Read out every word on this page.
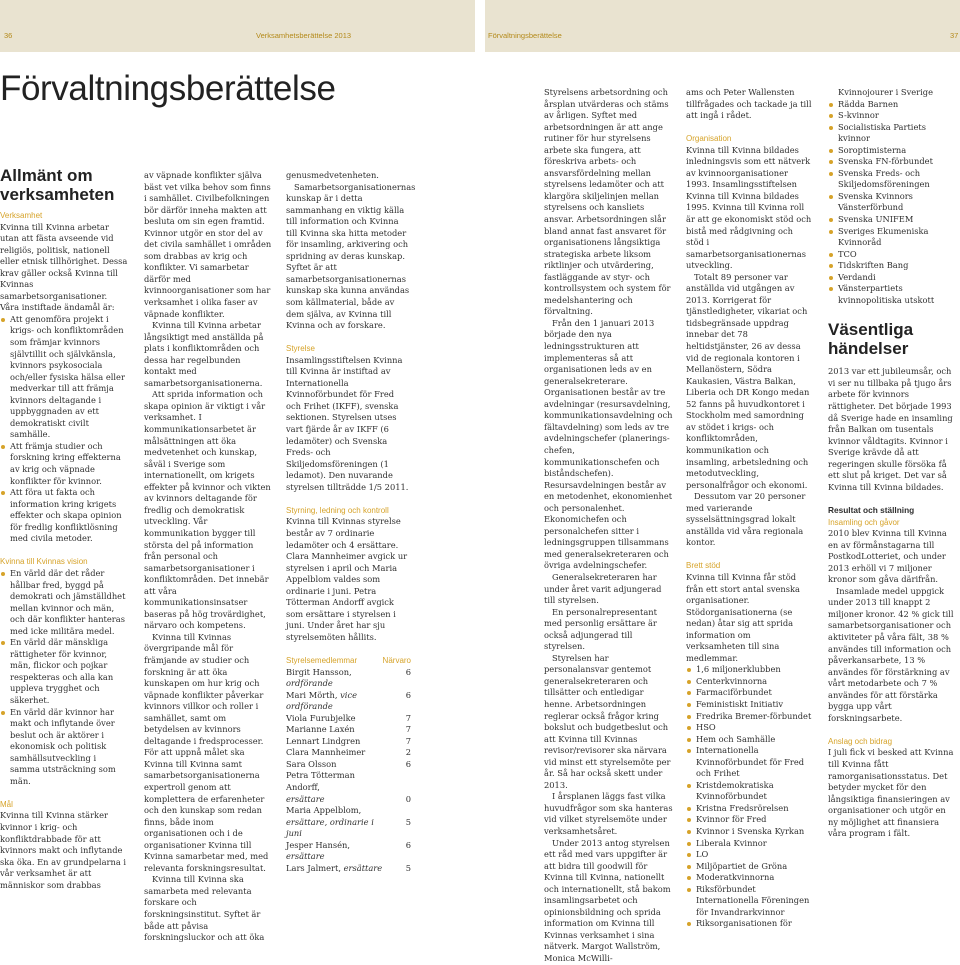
36	Verksamhetsberättelse 2013	Förvaltningsberättelse	37
Förvaltningsberättelse
Allmänt om verksamheten

Verksamhet

Kvinna till Kvinna arbetar utan att fästa avseende vid religiös, politisk, nationell eller etnisk tillhörighet. Dessa krav gäller också Kvinna till Kvinnas samarbetsorganisationer.

Våra instiftade ändamål är:

Att genomföra projekt i krigs- och konfliktområden som främjar kvinnors självtillit och självkänsla, kvinnors psykosociala och/eller fysiska hälsa eller medverkar till att främja kvinnors deltagande i uppbyggnaden av ett demokratiskt civilt samhälle.
Att främja studier och forskning kring effekterna av krig och väpnade konflikter för kvinnor.
Att föra ut fakta och information kring krigets effekter och skapa opinion för fredlig konfliktlösning med civila metoder.

Kvinna till Kvinnas vision

En värld där det råder hållbar fred, byggd på demokrati och jämställdhet mellan kvinnor och män, och där konflikter hanteras med icke militära medel.
En värld där mänskliga rättigheter för kvinnor, män, flickor och pojkar respekteras och alla kan uppleva trygghet och säkerhet.
En värld där kvinnor har makt och inflytande över beslut och är aktörer i ekonomisk och politisk samhällsutveckling i samma utsträckning som män.

Mål

Kvinna till Kvinna stärker kvinnor i krig- och konfliktdrabbade för att kvinnors makt och inflytande ska öka. En av grundpelarna i vår verksamhet är att människor som drabbas

av väpnade konflikter själva bäst vet vilka behov som finns i samhället. Civilbefolkningen bör därför inneha makten att besluta om sin egen framtid. Kvinnor utgör en stor del av det civila samhället i områden som drabbas av krig och konflikter. Vi samarbetar därför med kvinnoorganisationer som har verksamhet i olika faser av väpnade konflikter.

Kvinna till Kvinna arbetar långsiktigt med anställda på plats i konfliktområden och dessa har regelbunden kontakt med samarbetsorganisationerna.

Att sprida information och skapa opinion är viktigt i vår verksamhet. I kommunikationsarbetet är målsättningen att öka medvetenhet och kunskap, såväl i Sverige som internationellt, om krigets effekter på kvinnor och vikten av kvinnors deltagande för fredlig och demokratisk utveckling. Vår kommunikation bygger till största del på information från personal och samarbetsorganisationer i konfliktområden. Det innebär att våra kommunikationsinsatser baseras på hög trovärdighet, närvaro och kompetens.

Kvinna till Kvinnas övergripande mål för främjande av studier och forskning är att öka kunskapen om hur krig och väpnade konflikter påverkar kvinnors villkor och roller i samhället, samt om betydelsen av kvinnors deltagande i fredsprocesser. För att uppnå målet ska Kvinna till Kvinna samt samarbetsorganisationerna expertroll genom att komplettera de erfarenheter och den kunskap som redan finns, både inom organisationen och i de organisationer Kvinna till Kvinna samarbetar med, med relevanta forskningsresultat.

Kvinna till Kvinna ska samarbeta med relevanta forskare och forskningsinstitut. Syftet är både att påvisa forskningsluckor och att öka

genusmedvetenheten.

Samarbetsorganisationernas kunskap är i detta sammanhang en viktig källa till information och Kvinna till Kvinna ska hitta metoder för insamling, arkivering och spridning av deras kunskap. Syftet är att samarbetsorganisationernas kunskap ska kunna användas som källmaterial, både av dem själva, av Kvinna till Kvinna och av forskare.

Styrelse

Insamlingsstiftelsen Kvinna till Kvinna är instiftad av Internationella Kvinnoförbundet för Fred och Frihet (IKFF), svenska sektionen. Styrelsen utses vart fjärde år av IKFF (6 ledamöter) och Svenska Freds- och Skiljedomsföreningen (1 ledamot). Den nuvarande styrelsen tillträdde 1/5 2011.

Styrning, ledning och kontroll

Kvinna till Kvinnas styrelse består av 7 ordinarie ledamöter och 4 ersättare. Clara Mannheimer avgick ur styrelsen i april och Maria Appelblom valdes som ordinarie i juni. Petra Tötterman Andorff avgick som ersättare i styrelsen i juni. Under året har sju styrelsemöten hållits.

Styrelsemedlemmar	Närvaro
Birgit Hansson, ordförande	6
Mari Mörth, vice ordförande	6
Viola Furubjelke	7
Marianne Laxén	7
Lennart Lindgren	7
Clara Mannheimer	2
Sara Olsson	6
Petra Tötterman Andorff,	
ersättare	0
Maria Appelblom,	
ersättare, ordinarie i juni	5
Jesper Hansén, ersättare	6
Lars Jalmert, ersättare	5

Styrelsens arbetsordning och årsplan utvärderas och stäms av årligen. Syftet med arbetsordningen är att ange rutiner för hur styrelsens arbete ska fungera, att föreskriva arbets- och ansvarsfördelning mellan styrelsens ledamöter och att klargöra skiljelinjen mellan styrelsens och kansliets ansvar. Arbetsordningen slår bland annat fast ansvaret för organisationens långsiktiga strategiska arbete liksom riktlinjer och utvärdering, fastläggande av styr- och kontrollsystem och system för medelshantering och förvaltning.

Från den 1 januari 2013 började den nya ledningsstrukturen att implementeras så att organisationen leds av en generalsekreterare. Organisationen består av tre avdelningar (resursavdelning, kommunikationsavdelning och fältavdelning) som leds av tre avdelningschefer (planeringschefen, kommunikationschefen och biståndschefen). Resursavdelningen består av en metodenhet, ekonomienhet och personalenhet. Ekonomichefen och personalchefen sitter i ledningsgruppen tillsammans med generalsekreteraren och övriga avdelningschefer.

Generalsekreteraren har under året varit adjungerad till styrelsen.

En personalrepresentant med personlig ersättare är också adjungerad till styrelsen.

Styrelsen har personalansvar gentemot generalsekreteraren och tillsätter och entledigar henne. Arbetsordningen reglerar också frågor kring bokslut och budgetbeslut och att Kvinna till Kvinnas revisor/revisorer ska närvara vid minst ett styrelsemöte per år. Så har också skett under 2013.

I årsplanen läggs fast vilka huvudfrågor som ska hanteras vid vilket styrelsemöte under verksamhetsåret.

Under 2013 antog styrelsen ett råd med vars uppgifter är att bidra till goodwill för Kvinna till Kvinna, nationellt och internationellt, stå bakom insamlingsarbetet och opinionsbildning och sprida information om Kvinna till Kvinnas verksamhet i sina nätverk. Margot Wallström, Monica McWilli-

ams och Peter Wallensten tillfrågades och tackade ja till att ingå i rådet.

Organisation

Kvinna till Kvinna bildades inledningsvis som ett nätverk av kvinnoorganisationer 1993. Insamlingsstiftelsen Kvinna till Kvinna bildades 1995. Kvinna till Kvinna roll är att ge ekonomiskt stöd och bistå med rådgivning och stöd i samarbetsorganisationernas utveckling.

Totalt 89 personer var anställda vid utgången av 2013. Korrigerat för tjänstledigheter, vikariat och tidsbegränsade uppdrag innebar det 78 heltidstjänster, 26 av dessa vid de regionala kontoren i Mellanöstern, Södra Kaukasien, Västra Balkan, Liberia och DR Kongo medan 52 fanns på huvudkontoret i Stockholm med samordning av stödet i krigs- och konfliktområden, kommunikation och insamling, arbetsledning och metodutveckling, personalfrågor och ekonomi.

Dessutom var 20 personer med varierande sysselsättningsgrad lokalt anställda vid våra regionala kontor.

Brett stöd

Kvinna till Kvinna får stöd från ett stort antal svenska organisationer. Stödorganisationerna (se nedan) åtar sig att sprida information om verksamheten till sina medlemmar.

1,6 miljonerklubben
Centerkvinnorna
Farmaciförbundet
Feministiskt Initiativ
Fredrika Bremer-förbundet
HSO
Hem och Samhälle
Internationella Kvinnoförbundet för Fred och Frihet
Kristdemokratiska Kvinnoförbundet
Kristna Fredsrörelsen
Kvinnor för Fred
Kvinnor i Svenska Kyrkan
Liberala Kvinnor
LO
Miljöpartiet de Gröna
Moderatkvinnorna
Riksförbundet Internationella Föreningen för Invandrarkvinnor
Riksorganisationen för

Kvinnojourer i Sverige

Rädda Barnen
S-kvinnor
Socialistiska Partiets kvinnor
Soroptimisterna
Svenska FN-förbundet
Svenska Freds- och Skiljedomsföreningen
Svenska Kvinnors Vänsterförbund
Svenska UNIFEM
Sveriges Ekumeniska Kvinnoråd
TCO
Tidskriften Bang
Verdandi
Vänsterpartiets kvinnopolitiska utskott
Väsentliga händelser

2013 var ett jubileumsår, och vi ser nu tillbaka på tjugo års arbete för kvinnors rättigheter. Det började 1993 då Sverige hade en insamling från Balkan om tusentals kvinnor våldtagits. Kvinnor i Sverige krävde då att regeringen skulle försöka få ett slut på kriget. Det var så Kvinna till Kvinna bildades.

Resultat och ställning

Insamling och gåvor

2010 blev Kvinna till Kvinna en av förmånstagarna till PostkodLotteriet, och under 2013 erhöll vi 7 miljoner kronor som gåva därifrån.

Insamlade medel uppgick under 2013 till knappt 2 miljoner kronor. 42 % gick till samarbetsorganisationer och aktiviteter på våra fält, 38 % användes till information och påverkansarbete, 13 % användes för förstärkning av vårt metodarbete och 7 % användes för att förstärka bygga upp vårt forskningsarbete.

Anslag och bidrag

I juli fick vi besked att Kvinna till Kvinna fått ramorganisationsstatus. Det betyder mycket för den långsiktiga finansieringen av organisationer och utgör en ny möjlighet att finansiera våra program i fält.
